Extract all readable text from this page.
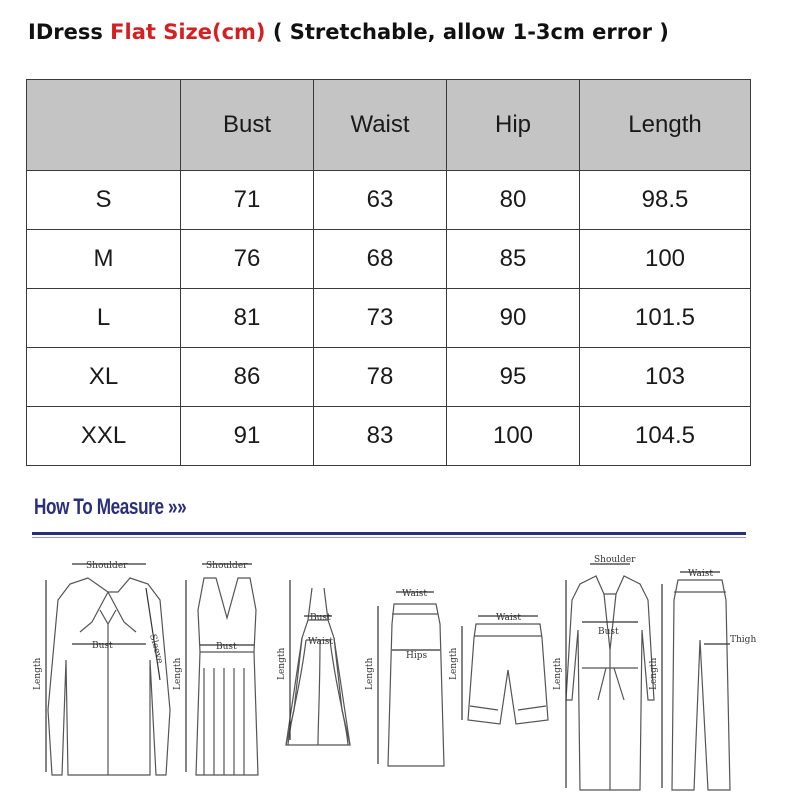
IDress Flat Size(cm) ( Stretchable, allow 1-3cm error )
	Bust	Waist	Hip	Length
S	71	63	80	98.5
M	76	68	85	100
L	81	73	90	101.5
XL	86	78	95	103
XXL	91	83	100	104.5
How To Measure »»
Shoulder
Bust
Length
Sleeve
Shoulder
Bust
Length
Bust
Waist
Length
Waist
Hips
Length
Waist
Length
Shoulder
Bust
Length
Waist
Thigh
Length
